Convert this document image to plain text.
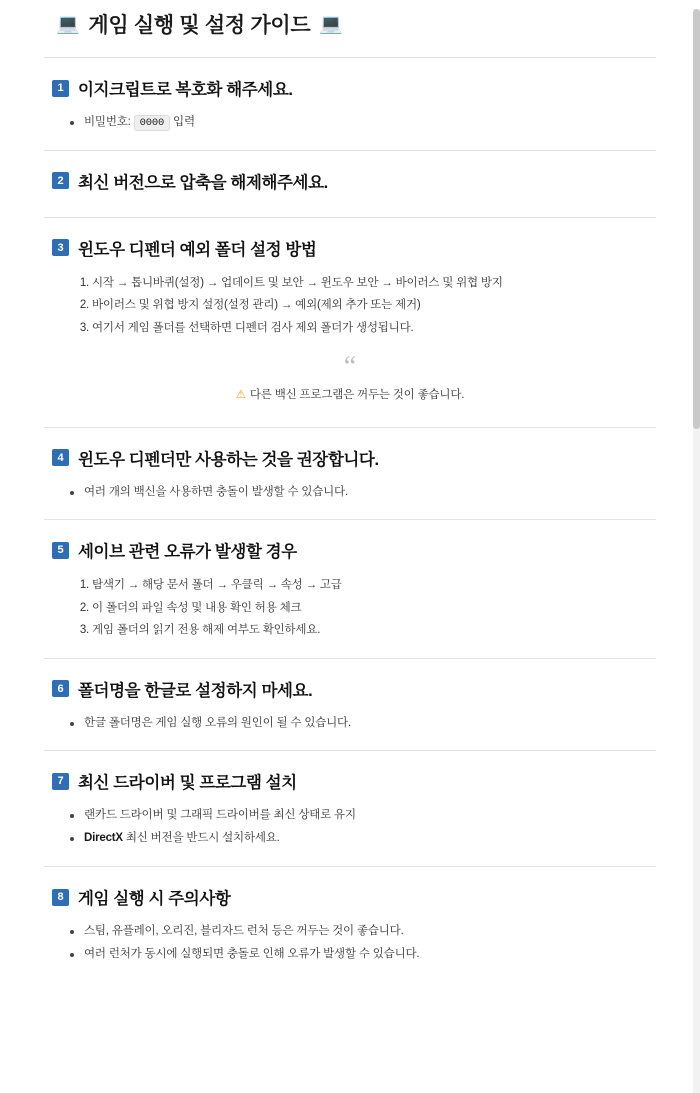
💻 게임 실행 및 설정 가이드 💻
1 이지크립트로 복호화 해주세요.
비밀번호: 0000 입력
2 최신 버전으로 압축을 해제해주세요.
3 윈도우 디펜더 예외 폴더 설정 방법
1. 시작 → 톱니바퀴(설정) → 업데이트 및 보안 → 윈도우 보안 → 바이러스 및 위협 방지
2. 바이러스 및 위협 방지 설정(설정 관리) → 예외(제외 추가 또는 제거)
3. 여기서 게임 폴더를 선택하면 디펜더 검사 제외 폴더가 생성됩니다.
“
⚠ 다른 백신 프로그램은 꺼두는 것이 좋습니다.
4 윈도우 디펜더만 사용하는 것을 권장합니다.
여러 개의 백신을 사용하면 충돌이 발생할 수 있습니다.
5 세이브 관련 오류가 발생할 경우
1. 탐색기 → 해당 문서 폴더 → 우클릭 → 속성 → 고급
2. 이 폴더의 파일 속성 및 내용 확인 허용 체크
3. 게임 폴더의 읽기 전용 해제 여부도 확인하세요.
6 폴더명을 한글로 설정하지 마세요.
한글 폴더명은 게임 실행 오류의 원인이 될 수 있습니다.
7 최신 드라이버 및 프로그램 설치
랜카드 드라이버 및 그래픽 드라이버를 최신 상태로 유지
DirectX 최신 버전을 반드시 설치하세요.
8 게임 실행 시 주의사항
스팀, 유플레이, 오리진, 블리자드 런처 등은 꺼두는 것이 좋습니다.
여러 런처가 동시에 실행되면 충돌로 인해 오류가 발생할 수 있습니다.
